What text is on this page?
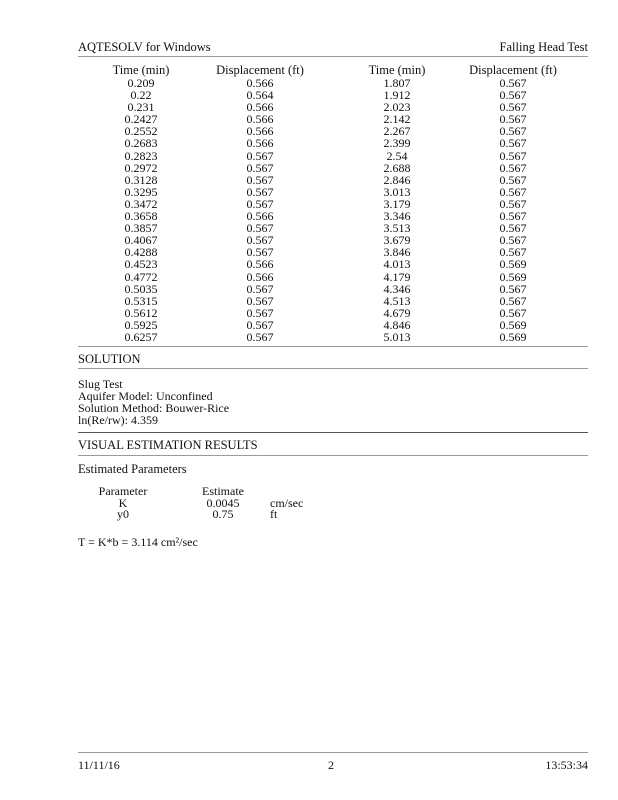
AQTESOLV for Windows	Falling Head Test
Time (min)	Displacement (ft)	Time (min)	Displacement (ft)
0.209	0.566	1.807	0.567
0.22	0.564	1.912	0.567
0.231	0.566	2.023	0.567
0.2427	0.566	2.142	0.567
0.2552	0.566	2.267	0.567
0.2683	0.566	2.399	0.567
0.2823	0.567	2.54	0.567
0.2972	0.567	2.688	0.567
0.3128	0.567	2.846	0.567
0.3295	0.567	3.013	0.567
0.3472	0.567	3.179	0.567
0.3658	0.566	3.346	0.567
0.3857	0.567	3.513	0.567
0.4067	0.567	3.679	0.567
0.4288	0.567	3.846	0.567
0.4523	0.566	4.013	0.569
0.4772	0.566	4.179	0.569
0.5035	0.567	4.346	0.567
0.5315	0.567	4.513	0.567
0.5612	0.567	4.679	0.567
0.5925	0.567	4.846	0.569
0.6257	0.567	5.013	0.569
SOLUTION
Slug Test
Aquifer Model: Unconfined
Solution Method: Bouwer-Rice
ln(Re/rw): 4.359
VISUAL ESTIMATION RESULTS
Estimated Parameters
Parameter	Estimate	
K	0.0045	cm/sec
y0	0.75	ft
T = K*b = 3.114 cm²/sec
11/11/16	2	13:53:34
